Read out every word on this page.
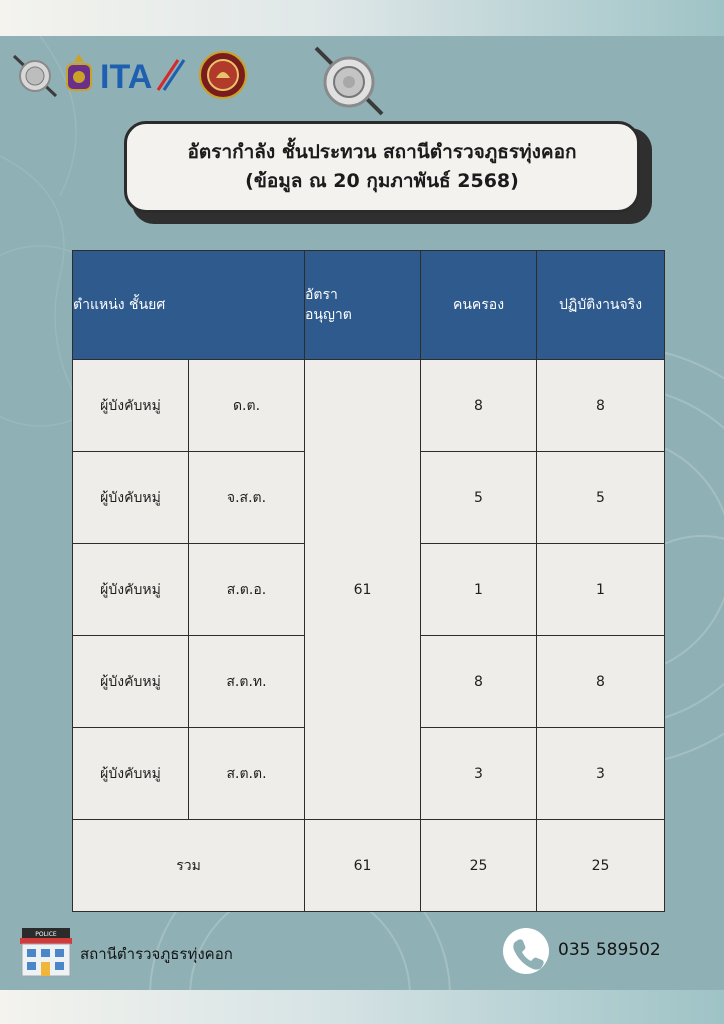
ITA
อัตรากำลัง ชั้นประทวน สถานีตำรวจภูธรทุ่งคอก
(ข้อมูล ณ 20 กุมภาพันธ์ 2568)
ตำแหน่ง ชั้นยศ		อัตรา
อนุญาต	คนครอง	ปฏิบัติงานจริง
ผู้บังคับหมู่	ด.ต.	61	8	8
ผู้บังคับหมู่	จ.ส.ต.		5	5
ผู้บังคับหมู่	ส.ต.อ.		1	1
ผู้บังคับหมู่	ส.ต.ท.		8	8
ผู้บังคับหมู่	ส.ต.ต.		3	3
รวม		61	25	25
POLICE
สถานีตำรวจภูธรทุ่งคอก	035 589502
